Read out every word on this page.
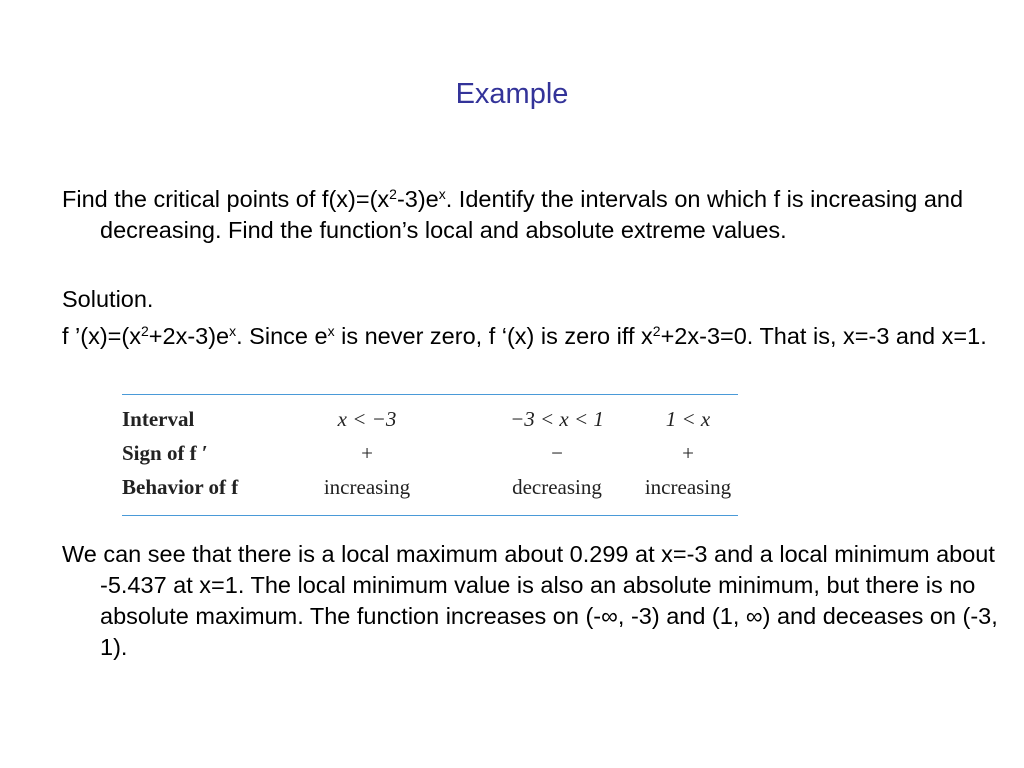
Example
Find the critical points of $f(x)=(x^2-3)e^x$. Identify the intervals on which f is increasing and decreasing. Find the function’s local and absolute extreme values.
Solution.
f $’(x)=(x^2+2x-3)e^x$. Since $e^x$ is never zero, f ‘(x) is zero iff $x^2+2x-3=0$. That is, x=-3 and x=1.
Interval	x < −3	−3 < x < 1	1 < x
Sign of f ′	+	−	+
Behavior of f	increasing	decreasing	increasing
We can see that there is a local maximum about 0.299 at x=-3 and a local minimum about -5.437 at x=1. The local minimum value is also an absolute minimum, but there is no absolute maximum. The function increases on (-∞, -3) and (1, ∞) and deceases on (-3, 1).
